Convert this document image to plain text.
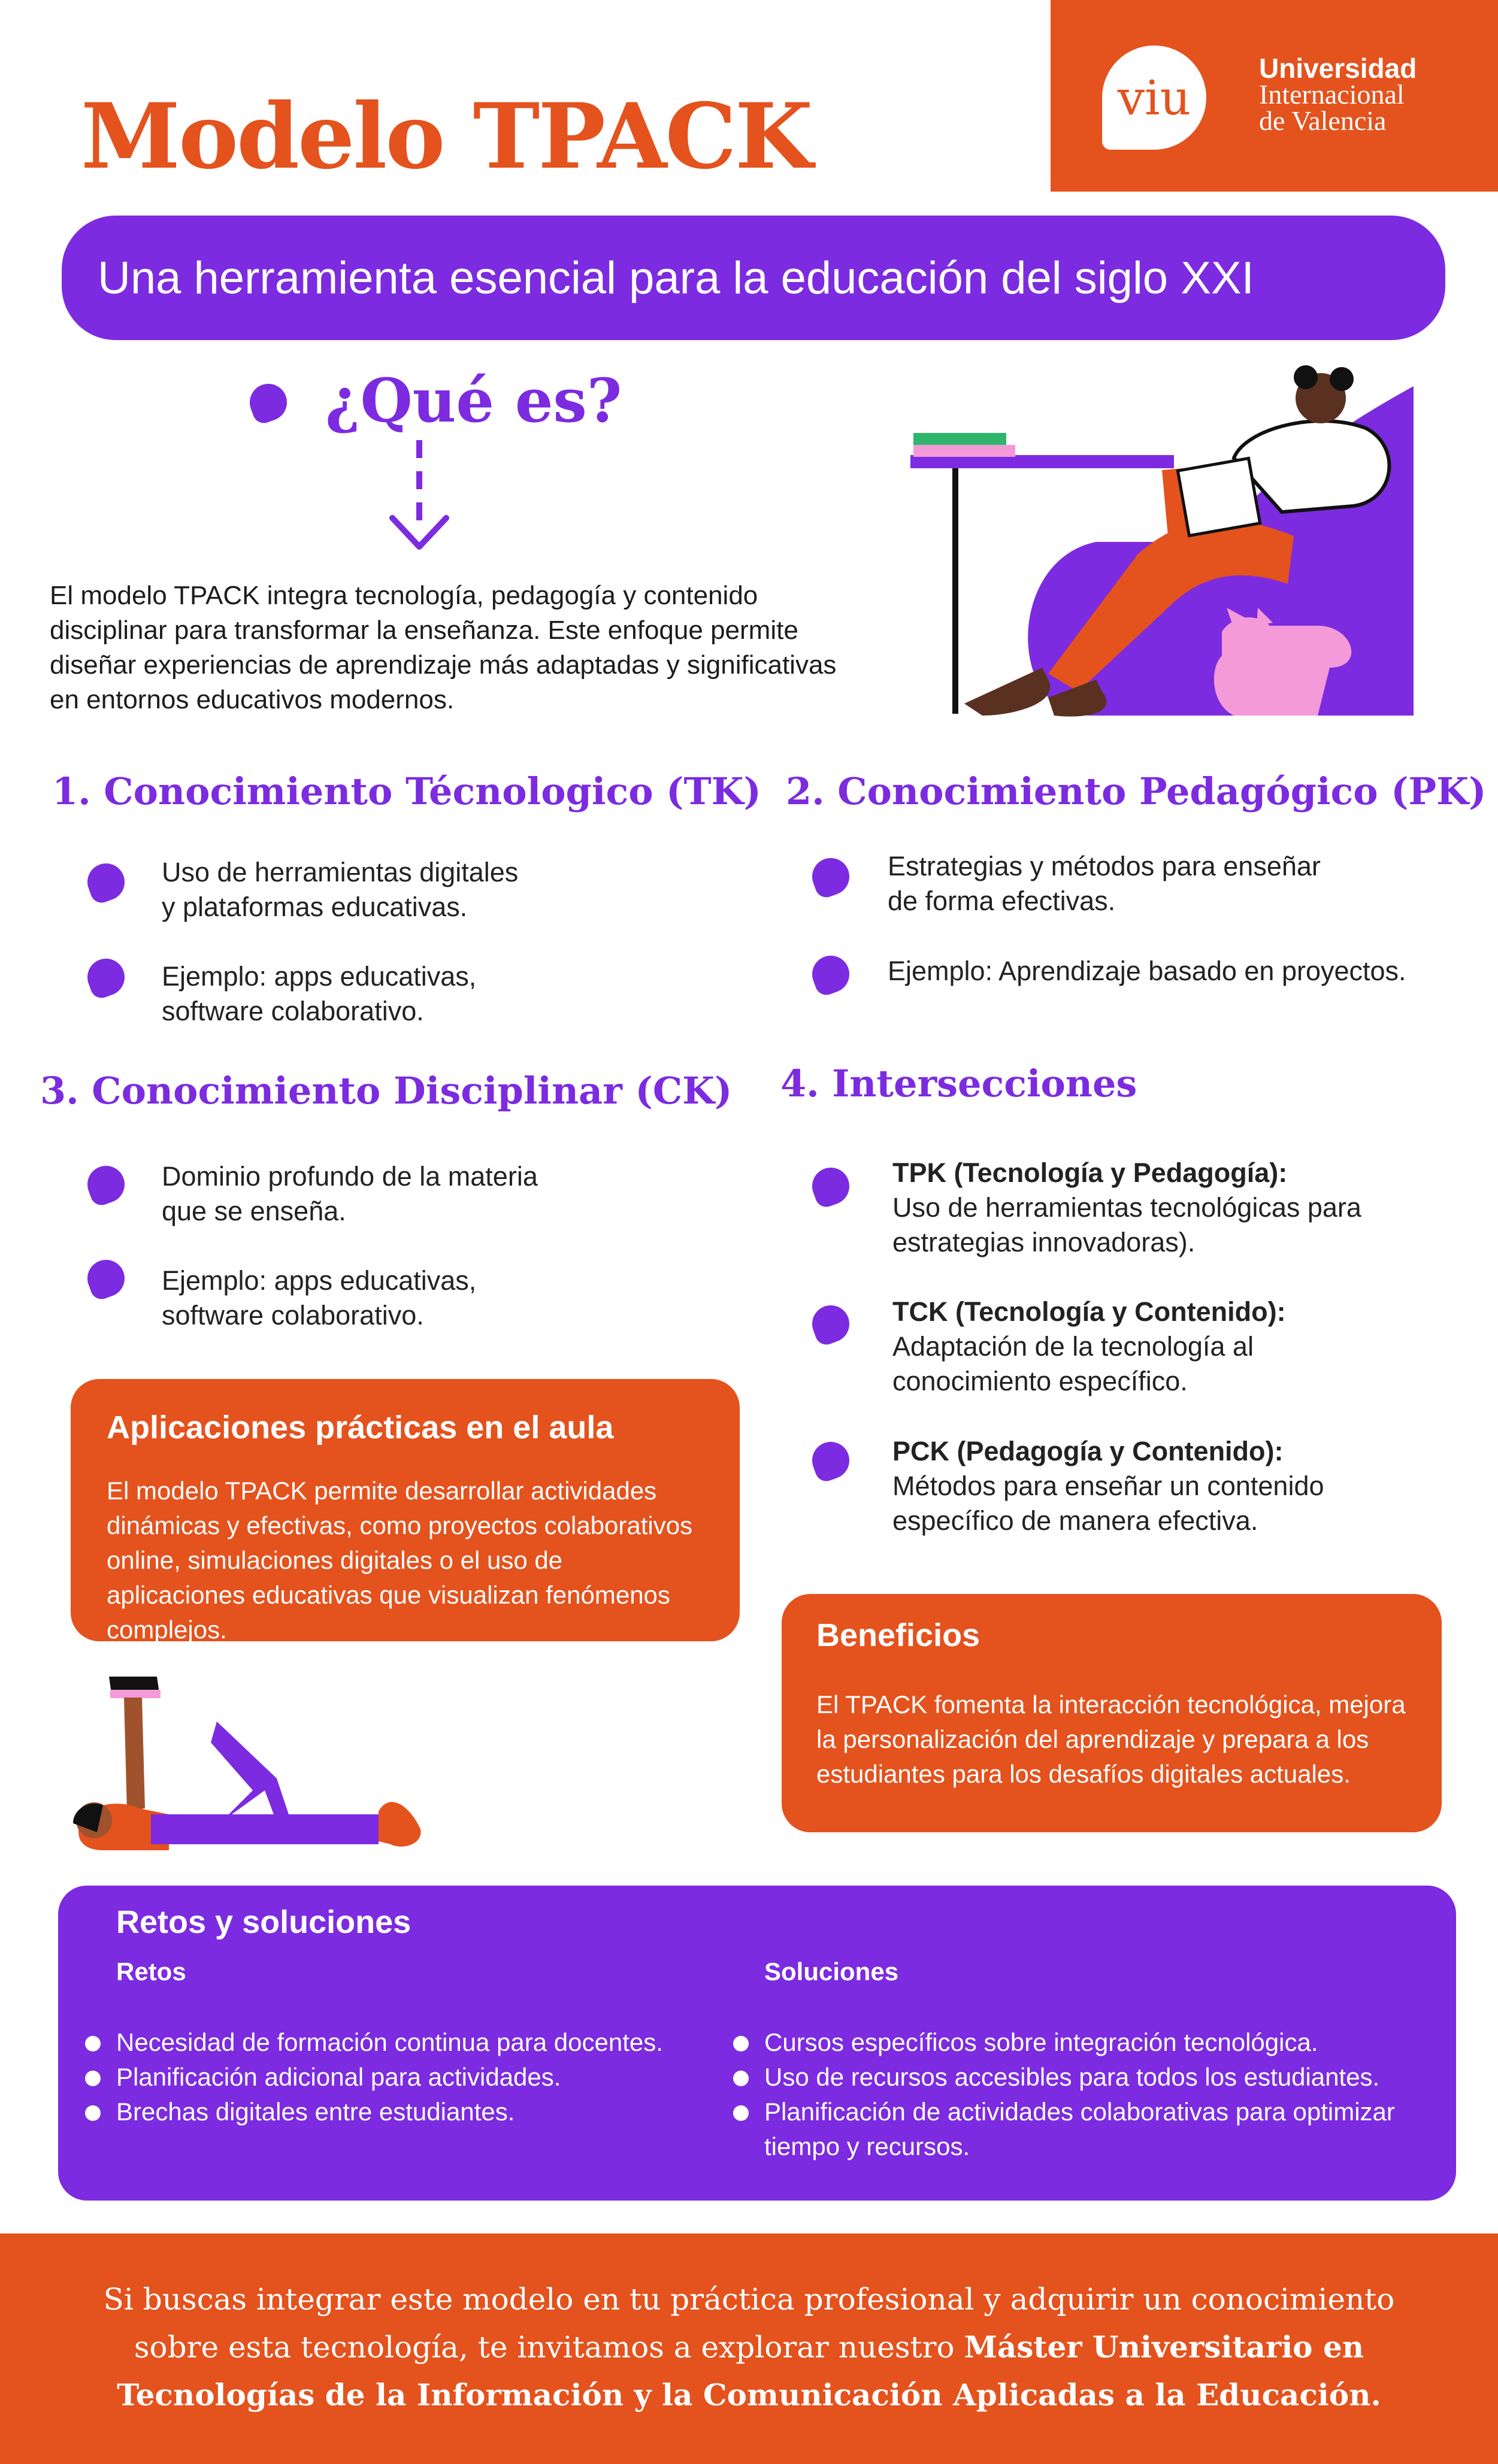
Modelo TPACK	viu
Universidad
Internacional
de Valencia
Una herramienta esencial para la educación del siglo XXI
¿Qué es?
El modelo TPACK integra tecnología, pedagogía y contenido disciplinar para transformar la enseñanza. Este enfoque permite diseñar experiencias de aprendizaje más adaptadas y significativas en entornos educativos modernos.
1. Conocimiento Técnologico (TK)
Uso de herramientas digitales y plataformas educativas.
Ejemplo: apps educativas, software colaborativo.
2. Conocimiento Pedagógico (PK)
Estrategias y métodos para enseñar de forma efectivas.
Ejemplo: Aprendizaje basado en proyectos.
3. Conocimiento Disciplinar (CK)
Dominio profundo de la materia que se enseña.
Ejemplo: apps educativas, software colaborativo.
4. Intersecciones
TPK (Tecnología y Pedagogía):
Uso de herramientas tecnológicas para estrategias innovadoras).
TCK (Tecnología y Contenido):
Adaptación de la tecnología al conocimiento específico.
PCK (Pedagogía y Contenido):
Métodos para enseñar un contenido específico de manera efectiva.
Aplicaciones prácticas en el aula
El modelo TPACK permite desarrollar actividades dinámicas y efectivas, como proyectos colaborativos online, simulaciones digitales o el uso de aplicaciones educativas que visualizan fenómenos complejos.	Beneficios
El TPACK fomenta la interacción tecnológica, mejora la personalización del aprendizaje y prepara a los estudiantes para los desafíos digitales actuales.
Retos y soluciones
Retos	Soluciones
Necesidad de formación continua para docentes.
Planificación adicional para actividades.
Brechas digitales entre estudiantes.
Cursos específicos sobre integración tecnológica.
Uso de recursos accesibles para todos los estudiantes.
Planificación de actividades colaborativas para optimizar tiempo y recursos.
Si buscas integrar este modelo en tu práctica profesional y adquirir un conocimiento sobre esta tecnología, te invitamos a explorar nuestro Máster Universitario en Tecnologías de la Información y la Comunicación Aplicadas a la Educación.
